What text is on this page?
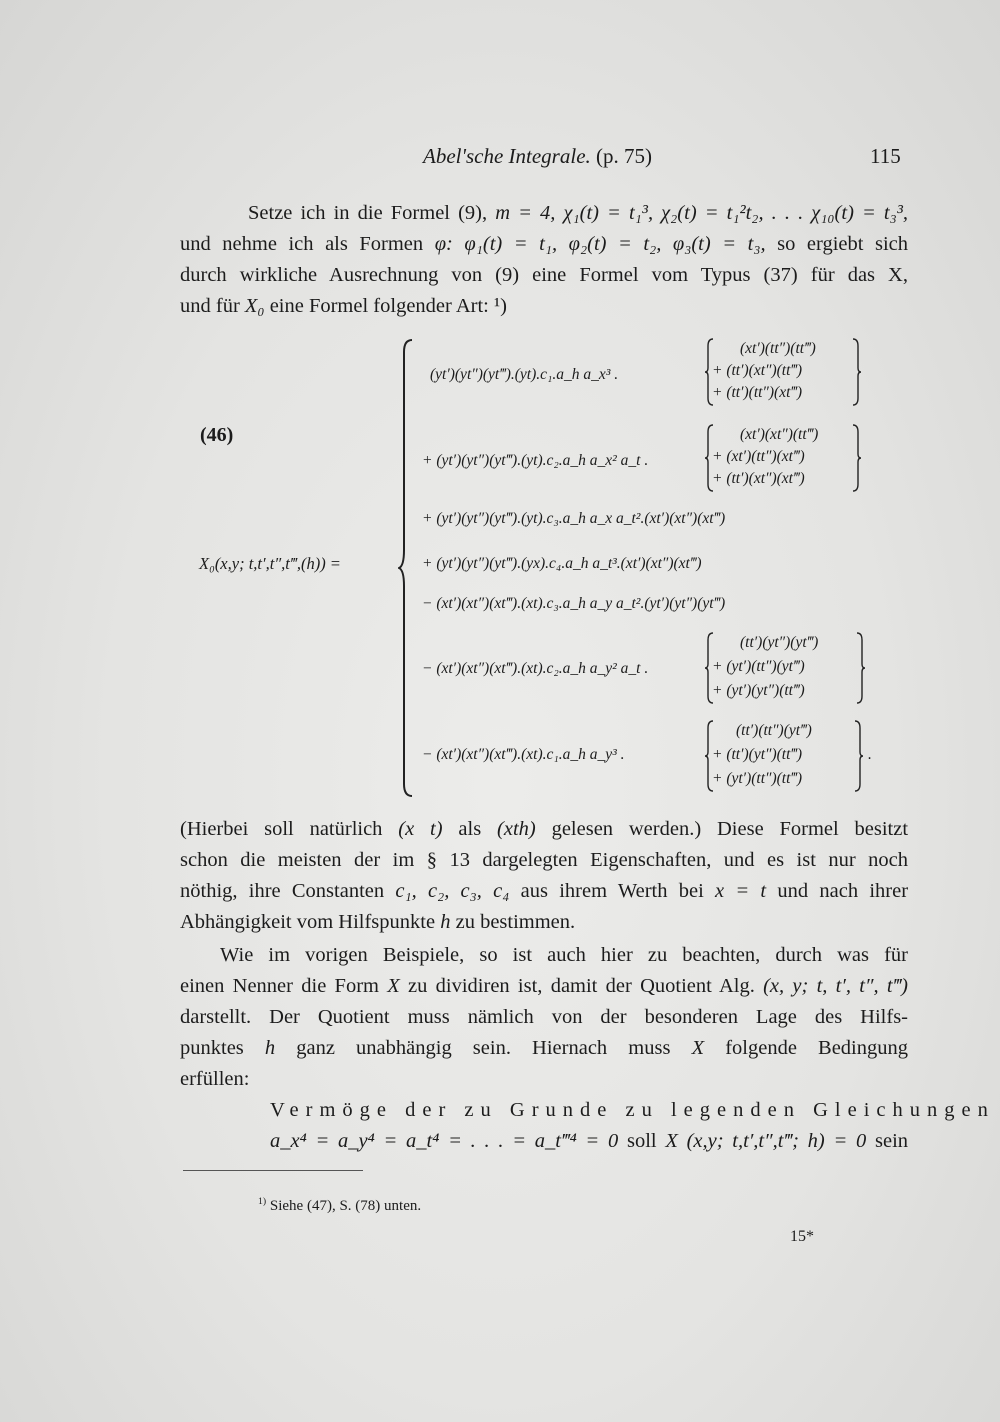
Abel'sche Integrale. (p. 75)	115
Setze ich in die Formel (9), m = 4, χ₁(t) = t₁³, χ₂(t) = t₁²t₂, . . . χ₁₀(t) = t₃³,
und nehme ich als Formen φ: φ₁(t) = t₁, φ₂(t) = t₂, φ₃(t) = t₃, so ergiebt sich
durch wirkliche Ausrechnung von (9) eine Formel vom Typus (37) für das X,
und für X₀ eine Formel folgender Art: ¹)
(46)
X₀(x,y; t,t′,t″,t‴,(h)) =
(yt′)(yt″)(yt‴).(yt).c₁.a_h a_x³ .
(xt′)(tt″)(tt‴)
+ (tt′)(xt″)(tt‴)
+ (tt′)(tt″)(xt‴)
+ (yt′)(yt″)(yt‴).(yt).c₂.a_h a_x² a_t .
(xt′)(xt″)(tt‴)
+ (xt′)(tt″)(xt‴)
+ (tt′)(xt″)(xt‴)
+ (yt′)(yt″)(yt‴).(yt).c₃.a_h a_x a_t².(xt′)(xt″)(xt‴)
+ (yt′)(yt″)(yt‴).(yx).c₄.a_h a_t³.(xt′)(xt″)(xt‴)
− (xt′)(xt″)(xt‴).(xt).c₃.a_h a_y a_t².(yt′)(yt″)(yt‴)
− (xt′)(xt″)(xt‴).(xt).c₂.a_h a_y² a_t .
(tt′)(yt″)(yt‴)
+ (yt′)(tt″)(yt‴)
+ (yt′)(yt″)(tt‴)
− (xt′)(xt″)(xt‴).(xt).c₁.a_h a_y³ .
(tt′)(tt″)(yt‴)
+ (tt′)(yt″)(tt‴)
+ (yt′)(tt″)(tt‴)
.
(Hierbei soll natürlich (x t) als (xth) gelesen werden.) Diese Formel besitzt
schon die meisten der im § 13 dargelegten Eigenschaften, und es ist nur noch
nöthig, ihre Constanten c₁, c₂, c₃, c₄ aus ihrem Werth bei x = t und nach ihrer
Abhängigkeit vom Hilfspunkte h zu bestimmen.
Wie im vorigen Beispiele, so ist auch hier zu beachten, durch was für
einen Nenner die Form X zu dividiren ist, damit der Quotient Alg. (x, y; t, t′, t″, t‴)
darstellt. Der Quotient muss nämlich von der besonderen Lage des Hilfs-
punktes h ganz unabhängig sein. Hiernach muss X folgende Bedingung
erfüllen:
Vermöge der zu Grunde zu legenden Gleichungen
a_x⁴ = a_y⁴ = a_t⁴ = . . . = a_t‴⁴ = 0 soll X (x,y; t,t′,t″,t‴; h) = 0 sein
$^{1)}$ Siehe (47), S. (78) unten.
15*
